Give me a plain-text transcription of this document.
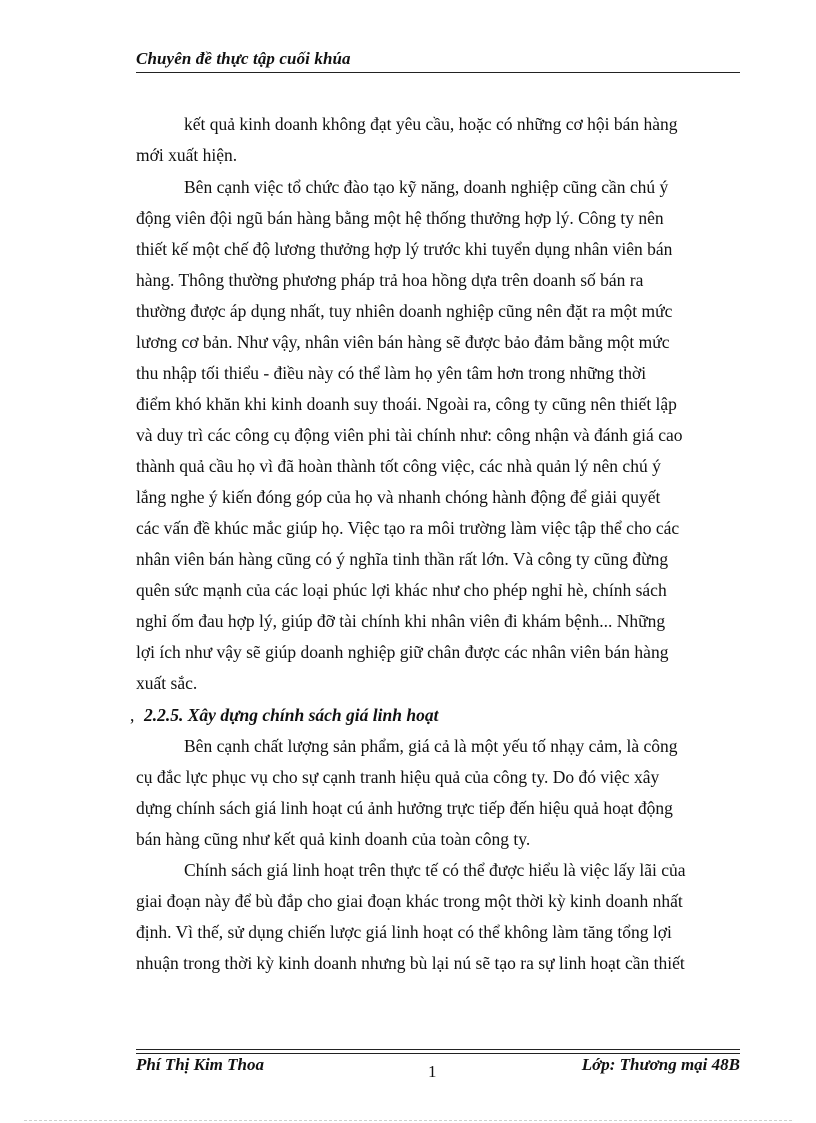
Chuyên đề thực tập cuối khúa

kết quả kinh doanh không đạt yêu cầu, hoặc có những cơ hội bán hàng
mới xuất hiện.

Bên cạnh việc tổ chức đào tạo kỹ năng, doanh nghiệp cũng cần chú ý
động viên đội ngũ bán hàng bằng một hệ thống thưởng hợp lý. Công ty nên
thiết kế một chế độ lương thưởng hợp lý trước khi tuyển dụng nhân viên bán
hàng. Thông thường phương pháp trả hoa hồng dựa trên doanh số bán ra
thường được áp dụng nhất, tuy nhiên doanh nghiệp cũng nên đặt ra một mức
lương cơ bản. Như vậy, nhân viên bán hàng sẽ được bảo đảm bằng một mức
thu nhập tối thiểu - điều này có thể làm họ yên tâm hơn trong những thời
điểm khó khăn khi kinh doanh suy thoái. Ngoài ra, công ty cũng nên thiết lập
và duy trì các công cụ động viên phi tài chính như: công nhận và đánh giá cao
thành quả cầu họ vì đã hoàn thành tốt công việc, các nhà quản lý nên chú ý
lắng nghe ý kiến đóng góp của họ và nhanh chóng hành động để giải quyết
các vấn đề khúc mắc giúp họ. Việc tạo ra môi trường làm việc tập thể cho các
nhân viên bán hàng cũng có ý nghĩa tinh thần rất lớn. Và công ty cũng đừng
quên sức mạnh của các loại phúc lợi khác như cho phép nghỉ hè, chính sách
nghỉ ốm đau hợp lý, giúp đỡ tài chính khi nhân viên đi khám bệnh... Những
lợi ích như vậy sẽ giúp doanh nghiệp giữ chân được các nhân viên bán hàng
xuất sắc.

, 2.2.5. Xây dựng chính sách giá linh hoạt

Bên cạnh chất lượng sản phẩm, giá cả là một yếu tố nhạy cảm, là công
cụ đắc lực phục vụ cho sự cạnh tranh hiệu quả của công ty. Do đó việc xây
dựng chính sách giá linh hoạt cú ảnh hưởng trực tiếp đến hiệu quả hoạt động
bán hàng cũng như kết quả kinh doanh của toàn công ty.

Chính sách giá linh hoạt trên thực tế có thể được hiểu là việc lấy lãi của
giai đoạn này để bù đắp cho giai đoạn khác trong một thời kỳ kinh doanh nhất
định. Vì thế, sử dụng chiến lược giá linh hoạt có thể không làm tăng tổng lợi
nhuận trong thời kỳ kinh doanh nhưng bù lại nú sẽ tạo ra sự linh hoạt cần thiết

Phí Thị Kim Thoa	1	Lớp: Thương mại 48B
